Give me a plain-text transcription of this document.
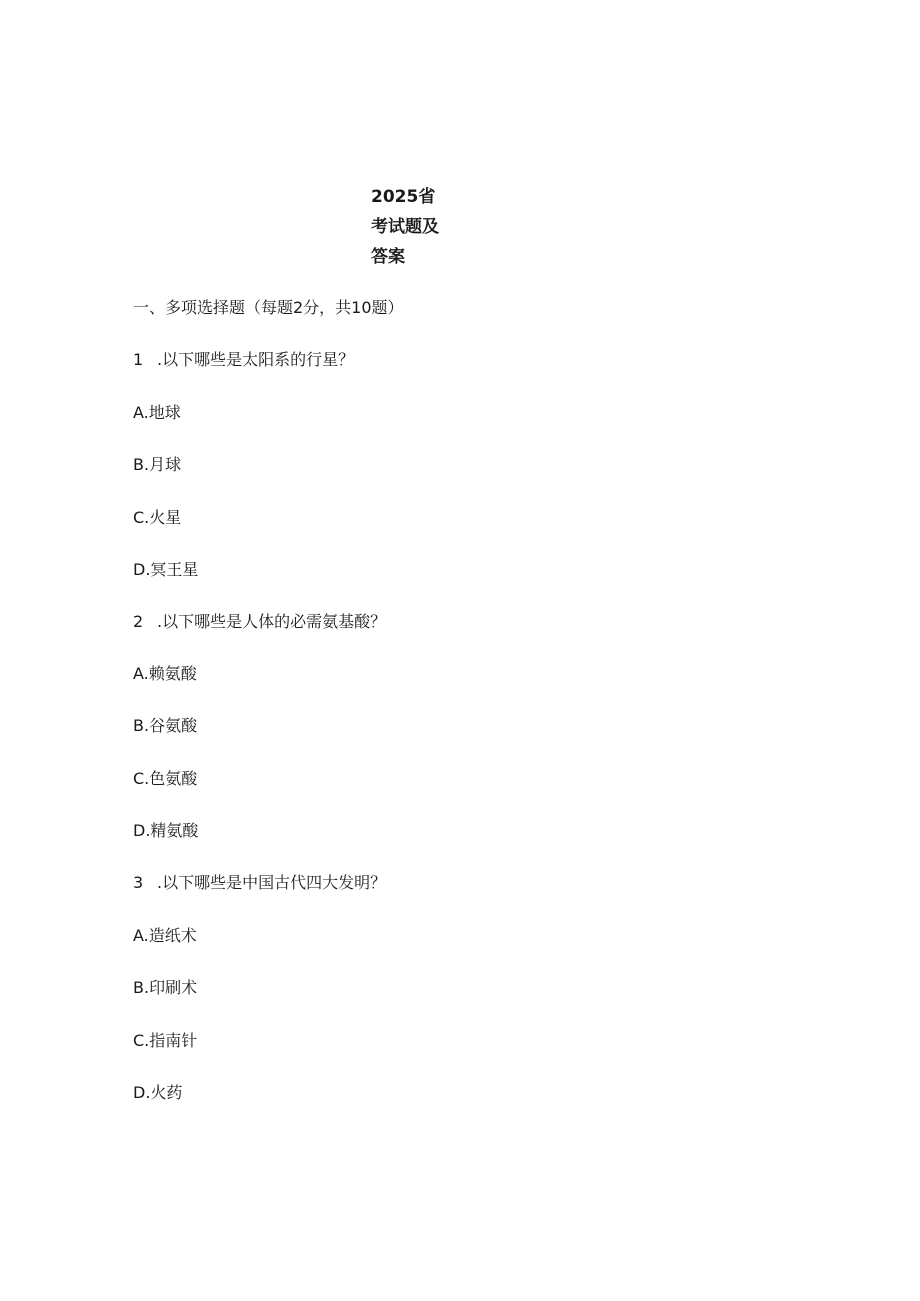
2025省考试题及答案
一、多项选择题（每题2分，共10题）
1 .以下哪些是太阳系的行星？
A.地球
B.月球
C.火星
D.冥王星
2 .以下哪些是人体的必需氨基酸？
A.赖氨酸
B.谷氨酸
C.色氨酸
D.精氨酸
3 .以下哪些是中国古代四大发明？
A.造纸术
B.印刷术
C.指南针
D.火药
